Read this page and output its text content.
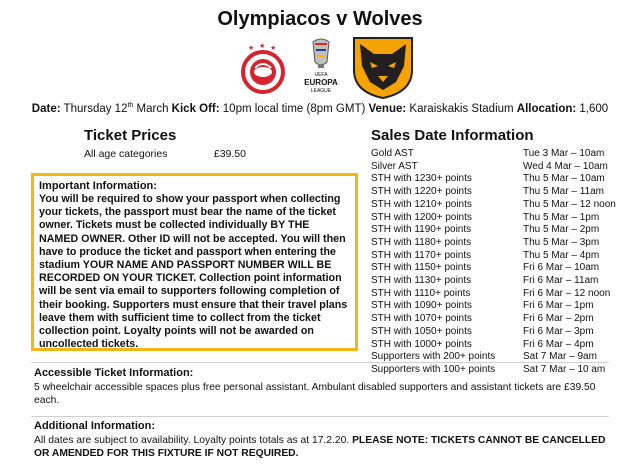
Olympiacos v Wolves
★ ★ ★
UEFA
EUROPA
LEAGUE
Date: Thursday 12th March Kick Off: 10pm local time (8pm GMT) Venue: Karaiskakis Stadium Allocation: 1,600
Ticket Prices
All age categories	£39.50
Important Information:
You will be required to show your passport when collecting your tickets, the passport must bear the name of the ticket owner. Tickets must be collected individually BY THE NAMED OWNER. Other ID will not be accepted. You will then have to produce the ticket and passport when entering the stadium YOUR NAME AND PASSPORT NUMBER WILL BE RECORDED ON YOUR TICKET. Collection point information will be sent via email to supporters following completion of their booking. Supporters must ensure that their travel plans leave them with sufficient time to collect from the ticket collection point. Loyalty points will not be awarded on uncollected tickets.
Sales Date Information
Gold AST	Tue 3 Mar – 10am
Silver AST	Wed 4 Mar – 10am
STH with 1230+ points	Thu 5 Mar – 10am
STH with 1220+ points	Thu 5 Mar – 11am
STH with 1210+ points	Thu 5 Mar – 12 noon
STH with 1200+ points	Thu 5 Mar – 1pm
STH with 1190+ points	Thu 5 Mar – 2pm
STH with 1180+ points	Thu 5 Mar – 3pm
STH with 1170+ points	Thu 5 Mar – 4pm
STH with 1150+ points	Fri 6 Mar – 10am
STH with 1130+ points	Fri 6 Mar – 11am
STH with 1110+ points	Fri 6 Mar – 12 noon
STH with 1090+ points	Fri 6 Mar – 1pm
STH with 1070+ points	Fri 6 Mar – 2pm
STH with 1050+ points	Fri 6 Mar – 3pm
STH with 1000+ points	Fri 6 Mar – 4pm
Supporters with 200+ points	Sat 7 Mar – 9am
Supporters with 100+ points	Sat 7 Mar – 10 am
Accessible Ticket Information:
5 wheelchair accessible spaces plus free personal assistant. Ambulant disabled supporters and assistant tickets are £39.50 each.
Additional Information:
All dates are subject to availability. Loyalty points totals as at 17.2.20. PLEASE NOTE: TICKETS CANNOT BE CANCELLED OR AMENDED FOR THIS FIXTURE IF NOT REQUIRED.
